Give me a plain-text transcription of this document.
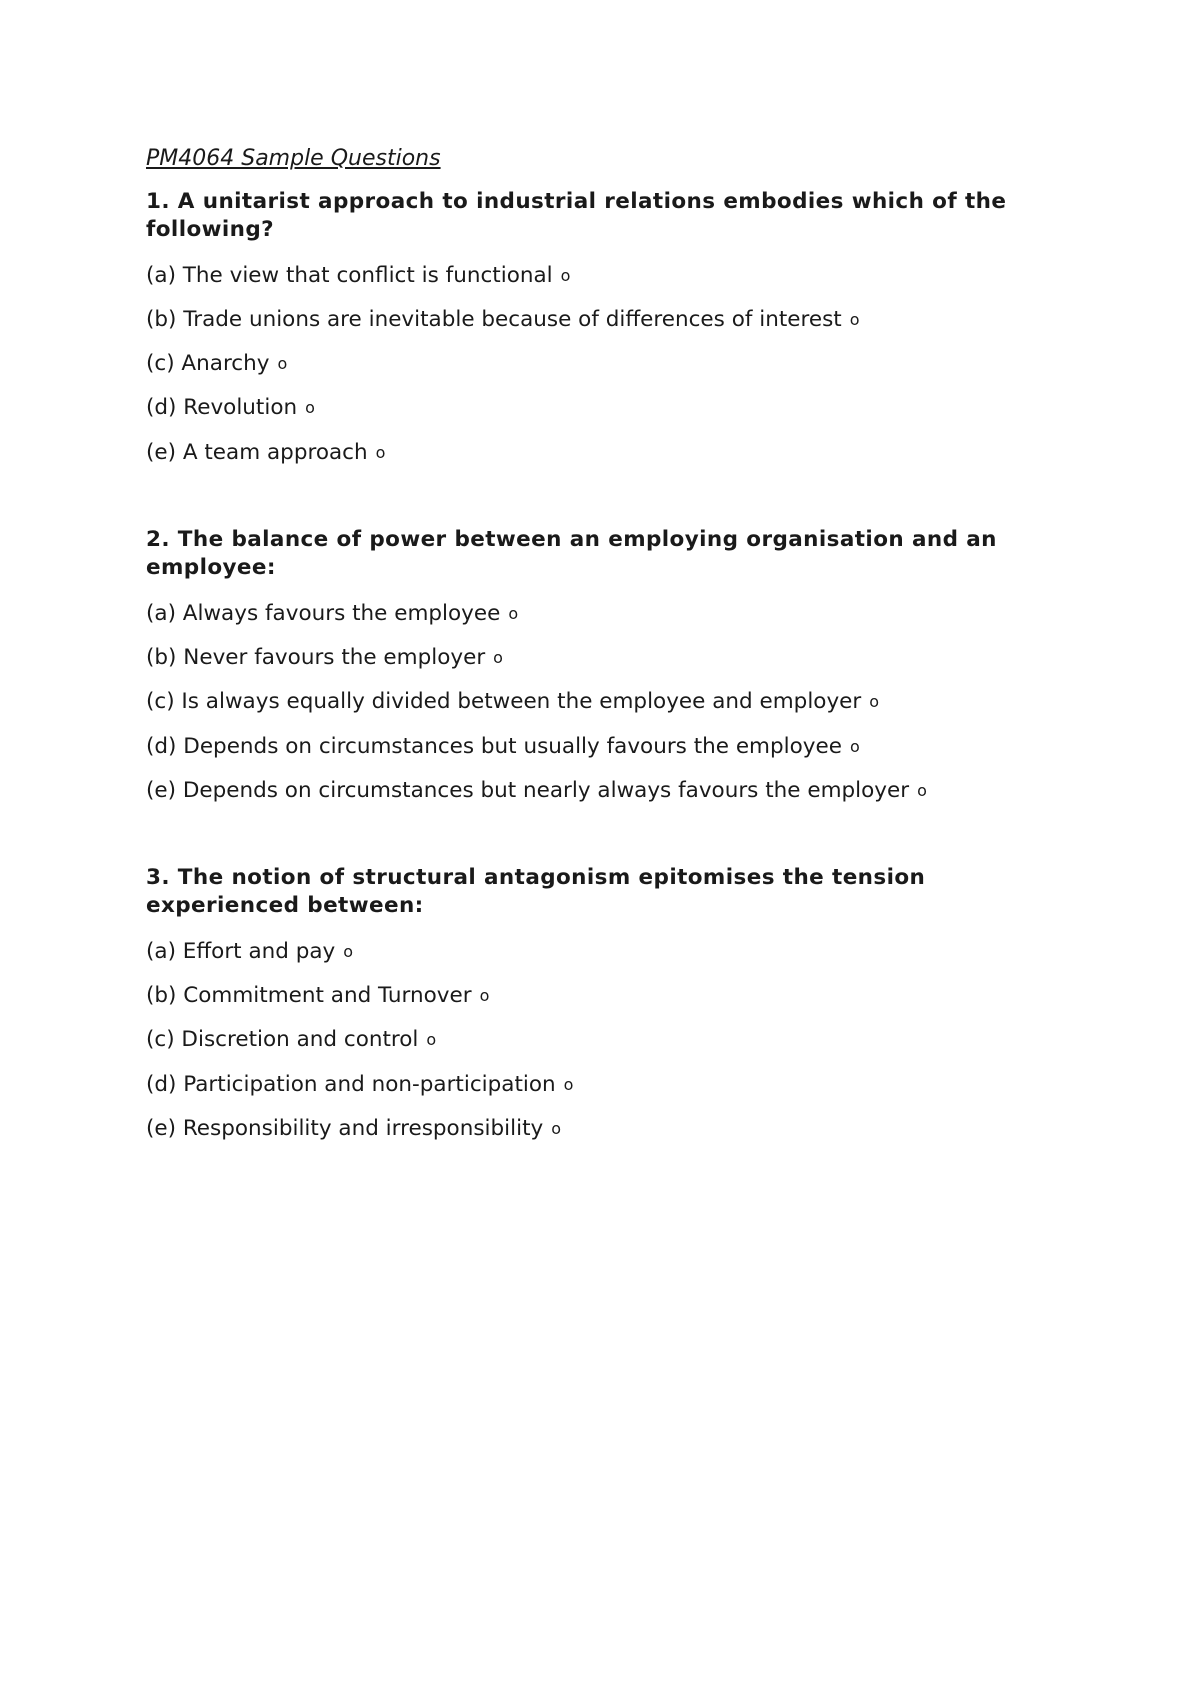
PM4064 Sample Questions
1. A unitarist approach to industrial relations embodies which of the following?
(a) The view that conflict is functional o
(b) Trade unions are inevitable because of differences of interest o
(c) Anarchy o
(d) Revolution o
(e) A team approach o
2. The balance of power between an employing organisation and an employee:
(a) Always favours the employee o
(b) Never favours the employer o
(c) Is always equally divided between the employee and employer o
(d) Depends on circumstances but usually favours the employee o
(e) Depends on circumstances but nearly always favours the employer o
3. The notion of structural antagonism epitomises the tension experienced between:
(a) Effort and pay o
(b) Commitment and Turnover o
(c) Discretion and control o
(d) Participation and non-participation o
(e) Responsibility and irresponsibility o
